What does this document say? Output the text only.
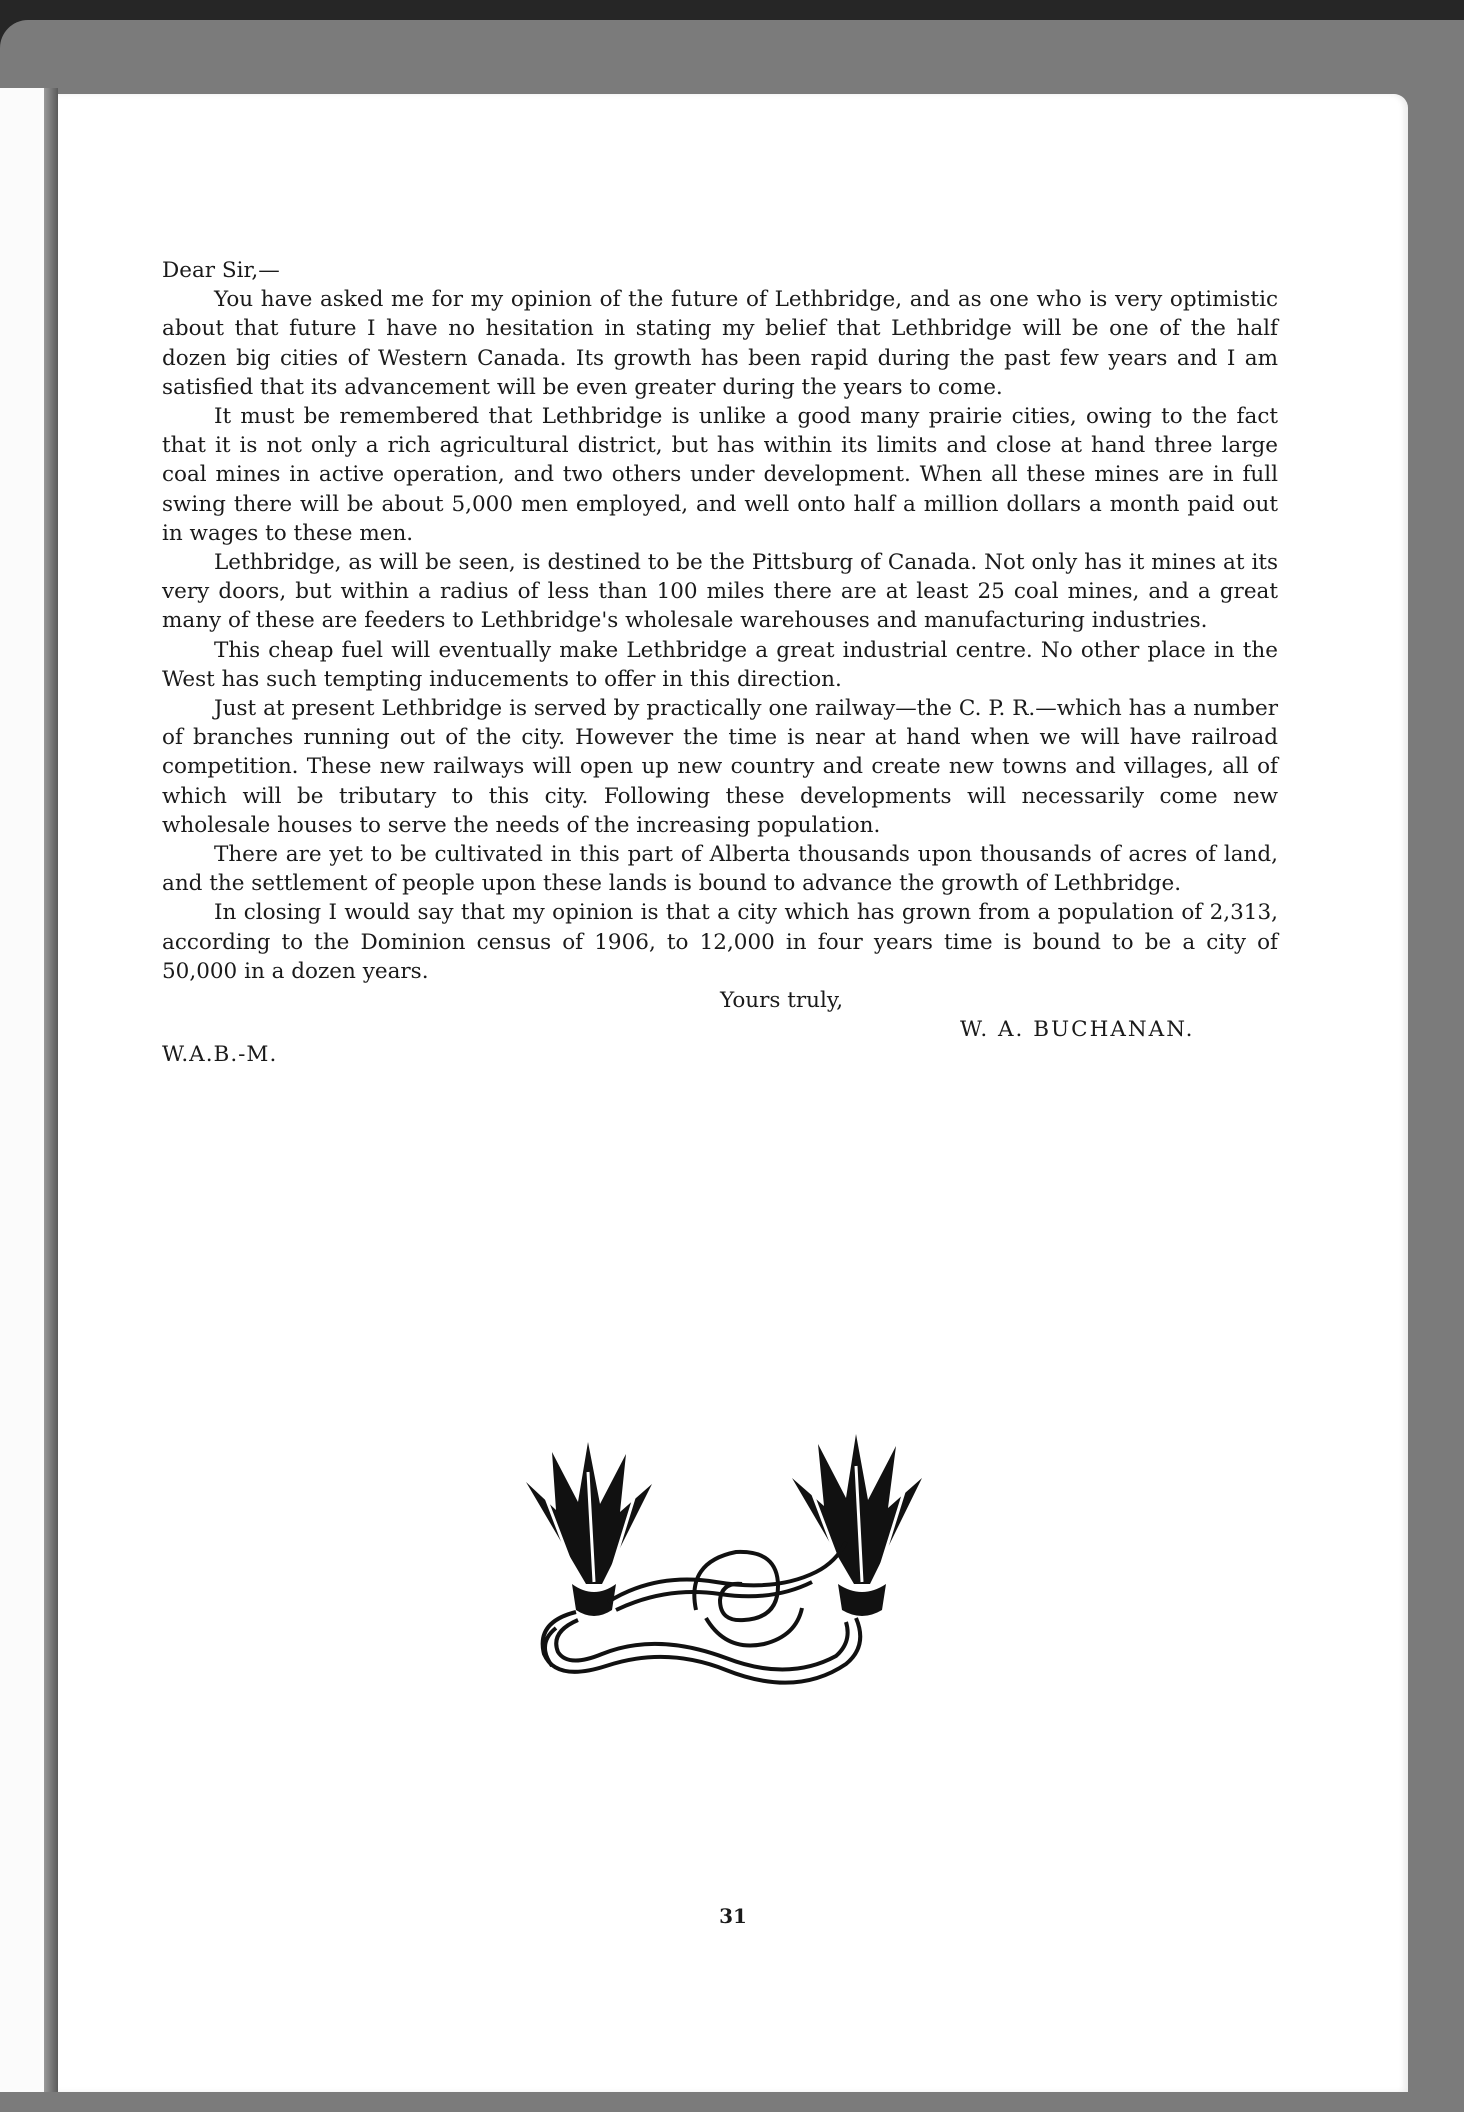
Dear Sir,—

You have asked me for my opinion of the future of Lethbridge, and as one who is very optimistic about that future I have no hesitation in stating my belief that Lethbridge will be one of the half dozen big cities of Western Canada. Its growth has been rapid during the past few years and I am satisfied that its advancement will be even greater during the years to come.

It must be remembered that Lethbridge is unlike a good many prairie cities, owing to the fact that it is not only a rich agricultural district, but has within its limits and close at hand three large coal mines in active operation, and two others under development. When all these mines are in full swing there will be about 5,000 men employed, and well onto half a million dollars a month paid out in wages to these men.

Lethbridge, as will be seen, is destined to be the Pittsburg of Canada. Not only has it mines at its very doors, but within a radius of less than 100 miles there are at least 25 coal mines, and a great many of these are feeders to Lethbridge's wholesale warehouses and manufacturing industries.

This cheap fuel will eventually make Lethbridge a great industrial centre. No other place in the West has such tempting inducements to offer in this direction.

Just at present Lethbridge is served by practically one railway—the C. P. R.—which has a number of branches running out of the city. However the time is near at hand when we will have railroad competition. These new railways will open up new country and create new towns and villages, all of which will be tributary to this city. Following these developments will necessarily come new wholesale houses to serve the needs of the increasing population.

There are yet to be cultivated in this part of Alberta thousands upon thousands of acres of land, and the settlement of people upon these lands is bound to advance the growth of Lethbridge.

In closing I would say that my opinion is that a city which has grown from a population of 2,313, according to the Dominion census of 1906, to 12,000 in four years time is bound to be a city of 50,000 in a dozen years.

Yours truly,

W. A. BUCHANAN.

W.A.B.-M.

31
